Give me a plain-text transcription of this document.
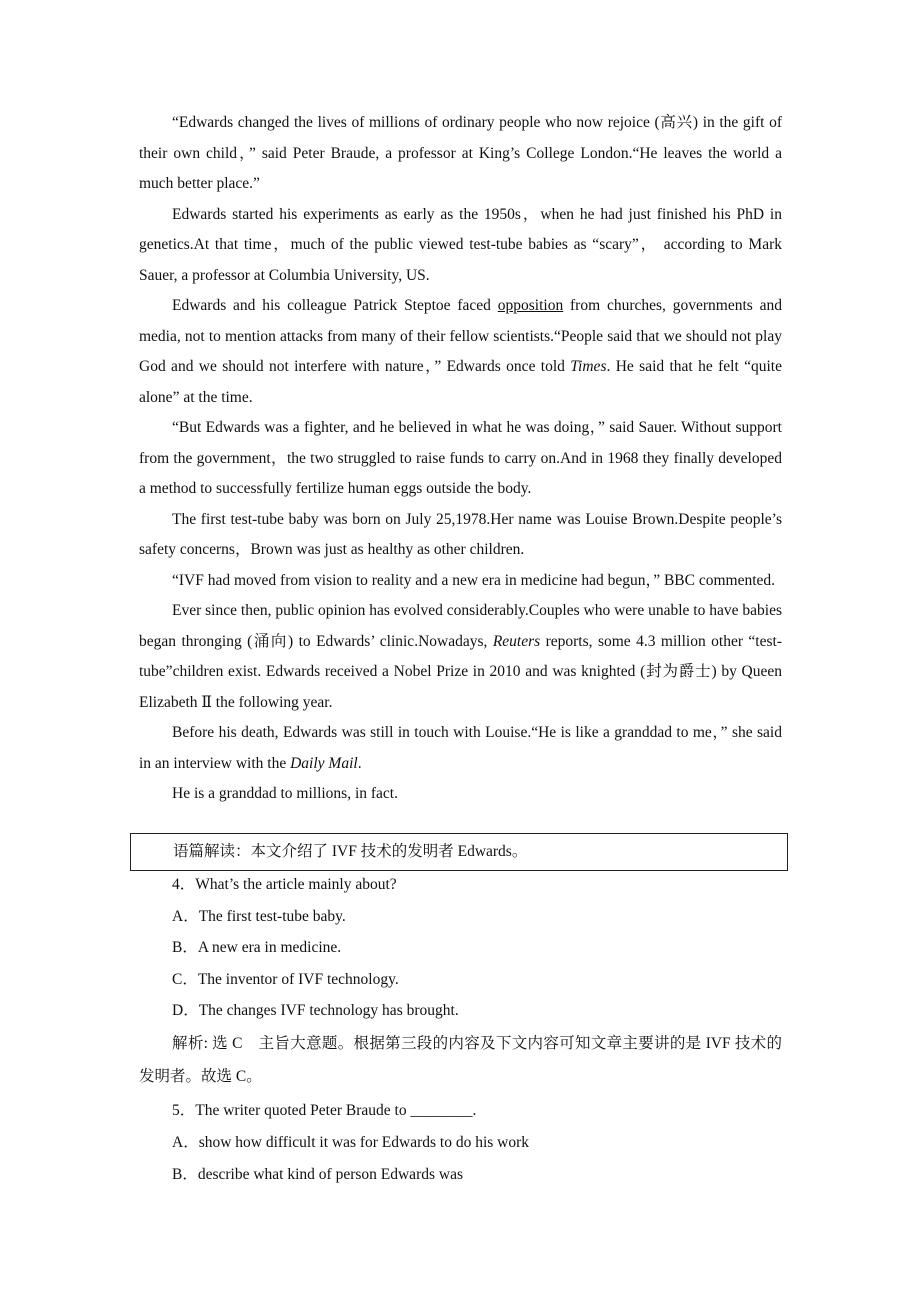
“Edwards changed the lives of millions of ordinary people who now rejoice (高兴) in the gift of their own child，” said Peter Braude, a professor at King’s College London.“He leaves the world a much better place.”

Edwards started his experiments as early as the 1950s，when he had just finished his PhD in genetics.At that time，much of the public viewed test-tube babies as “scary”， according to Mark Sauer, a professor at Columbia University, US.

Edwards and his colleague Patrick Steptoe faced opposition from churches, governments and media, not to mention attacks from many of their fellow scientists.“People said that we should not play God and we should not interfere with nature，” Edwards once told Times. He said that he felt “quite alone” at the time.

“But Edwards was a fighter, and he believed in what he was doing，” said Sauer. Without support from the government，the two struggled to raise funds to carry on.And in 1968 they finally developed a method to successfully fertilize human eggs outside the body.

The first test-tube baby was born on July 25,1978.Her name was Louise Brown.Despite people’s safety concerns，Brown was just as healthy as other children.

“IVF had moved from vision to reality and a new era in medicine had begun，” BBC commented.

Ever since then, public opinion has evolved considerably.Couples who were unable to have babies began thronging (涌向) to Edwards’ clinic.Nowadays, Reuters reports, some 4.3 million other “test-tube”children exist. Edwards received a Nobel Prize in 2010 and was knighted (封为爵士) by Queen Elizabeth Ⅱ the following year.

Before his death, Edwards was still in touch with Louise.“He is like a granddad to me，” she said in an interview with the Daily Mail.

He is a granddad to millions, in fact.

语篇解读：本文介绍了 IVF 技术的发明者 Edwards。

4．What’s the article mainly about?

A．The first test-tube baby.

B．A new era in medicine.

C．The inventor of IVF technology.

D．The changes IVF technology has brought.

解析: 选 C　主旨大意题。根据第三段的内容及下文内容可知文章主要讲的是 IVF 技术的发明者。故选 C。

5．The writer quoted Peter Braude to ________.

A．show how difficult it was for Edwards to do his work

B．describe what kind of person Edwards was
